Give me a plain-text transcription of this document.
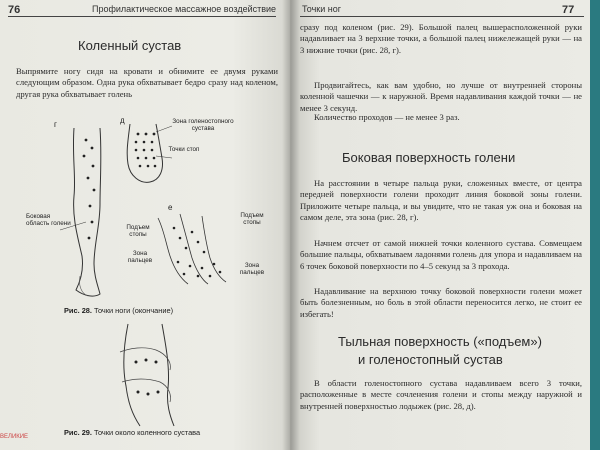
76	Профилактическое массажное воздействие
Коленный сустав
Выпрямите ногу сидя на кровати и обнимите ее двумя руками следующим образом. Одна рука обхватывает бедро сразу над коленом, другая рука обхватывает голень
г	д
е
Боковая область голени
Зона голеностопного сустава
Точки стоп
Подъем стопы
Подъем стопы
Зона пальцев
Зона пальцев
Рис. 28. Точки ноги (окончание)
Рис. 29. Точки около коленного сустава
ВЕЛИКИЕ
Точки ног	77
сразу под коленом (рис. 29). Большой палец вышерасположенной руки надавливает на 3 верхние точки, а большой палец нижележащей руки — на 3 нижние точки (рис. 28, г).
Продвигайтесь, как вам удобно, но лучше от внутренней стороны коленной чашечки — к наружной. Время надавливания каждой точки — не менее 3 секунд.
Количество проходов — не менее 3 раз.
Боковая поверхность голени
На расстоянии в четыре пальца руки, сложенных вместе, от центра передней поверхности голени проходит линия боковой зоны голени. Приложите четыре пальца, и вы увидите, что не такая уж она и боковая на самом деле, эта зона (рис. 28, г).
Начнем отсчет от самой нижней точки коленного сустава. Совмещаем большие пальцы, обхватываем ладонями голень для упора и надавливаем на 6 точек боковой поверхности по 4–5 секунд за 3 прохода.
Надавливание на верхнюю точку боковой поверхности голени может быть болезненным, но боль в этой области переносится легко, не стоит ее избегать!
Тыльная поверхность («подъем»)
и голеностопный сустав
В области голеностопного сустава надавливаем всего 3 точки, расположенные в месте сочленения голени и стопы между наружной и внутренней поверхностью лодыжек (рис. 28, д).
